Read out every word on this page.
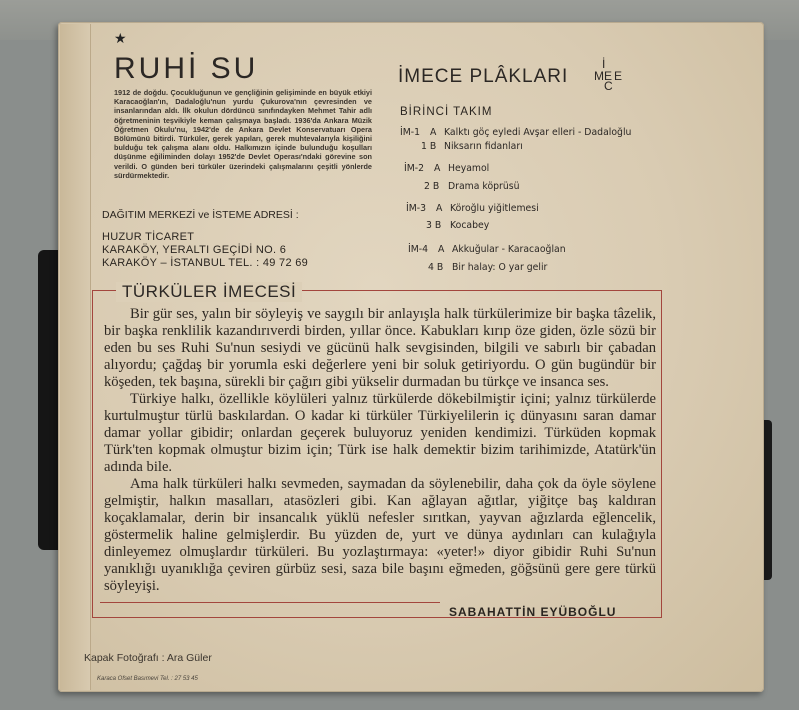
★
RUHİ SU

1912 de doğdu. Çocukluğunun ve gençliğinin gelişiminde en büyük etkiyi Karacaoğlan'ın, Dadaloğlu'nun yurdu Çukurova'nın çevresinden ve insanlarından aldı. İlk okulun dördüncü sınıfındayken Mehmet Tahir adlı öğretmeninin teşvikiyle keman çalışmaya başladı. 1936'da Ankara Müzik Öğretmen Okulu'nu, 1942'de de Ankara Devlet Konservatuarı Opera Bölümünü bitirdi. Türküler, gerek yapıları, gerek muhtevalarıyla kişiliğini bulduğu tek çalışma alanı oldu. Halkımızın içinde bulunduğu koşulları düşünme eğiliminden dolayı 1952'de Devlet Operası'ndaki görevine son verildi. O günden beri türküler üzerindeki çalışmalarını çeşitli yönlerde sürdürmektedir.

DAĞITIM MERKEZİ ve İSTEME ADRESİ :
HUZUR TİCARET
KARAKÖY, YERALTI GEÇİDİ NO. 6
KARAKÖY – İSTANBUL TEL. : 49 72 69
İMECE PLÂKLARI
İ
M E
C
E
BİRİNCİ TAKIM
İM-1 A Kalktı göç eyledi Avşar elleri - Dadaloğlu
1 B Niksarın fidanları
İM-2 A Heyamol
2 B Drama köprüsü
İM-3 A Köroğlu yiğitlemesi
3 B Kocabey
İM-4 A Akkuğular - Karacaoğlan
4 B Bir halay: O yar gelir
TÜRKÜLER İMECESİ

Bir gür ses, yalın bir söyleyiş ve saygılı bir anlayışla halk türkülerimize bir başka tâzelik, bir başka renklilik kazandırıverdi birden, yıllar önce. Kabukları kırıp öze giden, özle sözü bir eden bu ses Ruhi Su'nun sesiydi ve gücünü halk sevgisinden, bilgili ve sabırlı bir çabadan alıyordu; çağdaş bir yorumla eski değerlere yeni bir soluk getiriyordu. O gün bugündür bir köşeden, tek başına, sürekli bir çağırı gibi yükselir durmadan bu türkçe ve insanca ses.

Türkiye halkı, özellikle köylüleri yalnız türkülerde dökebilmiştir içini; yalnız türkülerde kurtulmuştur türlü baskılardan. O kadar ki türküler Türkiyelilerin iç dünyasını saran damar damar yollar gibidir; onlardan geçerek buluyoruz yeniden kendimizi. Türküden kopmak Türk'ten kopmak olmuştur bizim için; Türk ise halk demektir bizim tarihimizde, Atatürk'ün adında bile.

Ama halk türküleri halkı sevmeden, saymadan da söylenebilir, daha çok da öyle söylene gelmiştir, halkın masalları, atasözleri gibi. Kan ağlayan ağıtlar, yiğitçe baş kaldıran koçaklamalar, derin bir insancalık yüklü nefesler sırıtkan, yayvan ağızlarda eğlencelik, göstermelik haline gelmişlerdir. Bu yüzden de, yurt ve dünya aydınları can kulağıyla dinleyemez olmuşlardır türküleri. Bu yozlaştırmaya: «yeter!» diyor gibidir Ruhi Su'nun yanıklığı uyanıklığa çeviren gürbüz sesi, saza bile başını eğmeden, göğsünü gere gere türkü söyleyişi.

SABAHATTİN EYÜBOĞLU

Kapak Fotoğrafı : Ara Güler
Karaca Ofset Basımevi Tel. : 27 53 45
